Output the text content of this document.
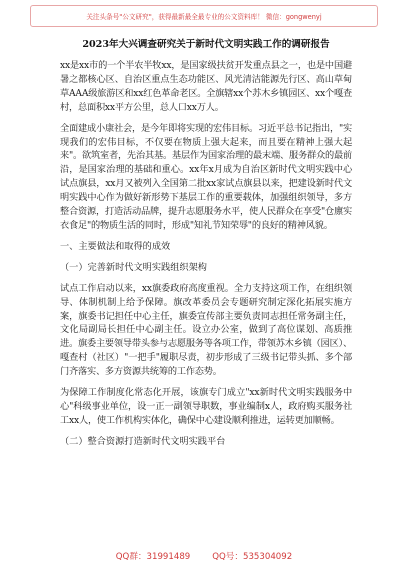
关注头条号"公文研究"，获得最新最全最专业的公文资料库！ 微信：gongwenyj
2023年大兴调查研究关于新时代文明实践工作的调研报告

xx是xx市的一个半农半牧xx，是国家级扶贫开发重点县之一，也是中国避暑之都核心区、自治区重点生态功能区、风光清洁能源先行区、高山草甸草AAA级旅游区和xx红色革命老区。全旗辖xx个苏木乡镇园区、xx个嘎查村，总面积xx平方公里，总人口xx万人。

全面建成小康社会，是今年即将实现的宏伟目标。习近平总书记指出，"实现我们的宏伟目标，不仅要在物质上强大起来，而且要在精神上强大起来"。欲筑室者，先治其基。基层作为国家治理的最末端、服务群众的最前沿，是国家治理的基础和重心。xx年x月成为自治区新时代文明实践中心试点旗县，xx月又被列入全国第二批xx家试点旗县以来，把建设新时代文明实践中心作为做好新形势下基层工作的重要载体，加强组织领导，多方整合资源，打造活动品牌，提升志愿服务水平，使人民群众在享受"仓廪实衣食足"的物质生活的同时，形成"知礼节知荣辱"的良好的精神风貌。

一、主要做法和取得的成效
（一）完善新时代文明实践组织架构

试点工作启动以来，xx旗委政府高度重视。全力支持这项工作，在组织领导、体制机制上给予保障。旗改革委员会专题研究制定深化拓展实施方案，旗委书记担任中心主任，旗委宣传部主要负责同志担任常务副主任，文化局副局长担任中心副主任。设立办公室，做到了高位谋划、高质推进。旗委主要领导带头参与志愿服务等各项工作，带领苏木乡镇（园区）、嘎查村（社区）"一把手"履职尽责，初步形成了三级书记带头抓、多个部门齐落实、多方资源共统筹的工作态势。

为保障工作制度化常态化开展，该旗专门成立"xx新时代文明实践服务中心"科级事业单位，设一正一副领导职数，事业编制x人，政府购买服务社工xx人，使工作机构实体化，确保中心建设顺利推进，运转更加顺畅。

（二）整合资源打造新时代文明实践平台
QQ群：31991489	QQ号：535304092
